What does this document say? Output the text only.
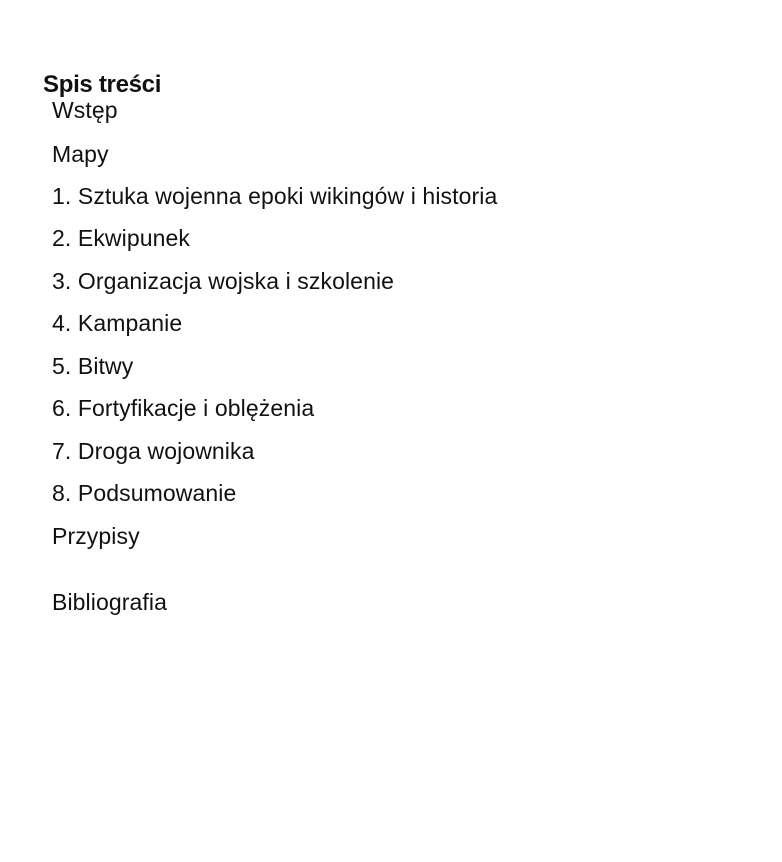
Spis treści

Wstęp

Mapy

1. Sztuka wojenna epoki wikingów i historia

2. Ekwipunek

3. Organizacja wojska i szkolenie

4. Kampanie

5. Bitwy

6. Fortyfikacje i oblężenia

7. Droga wojownika

8. Podsumowanie

Przypisy

Bibliografia
